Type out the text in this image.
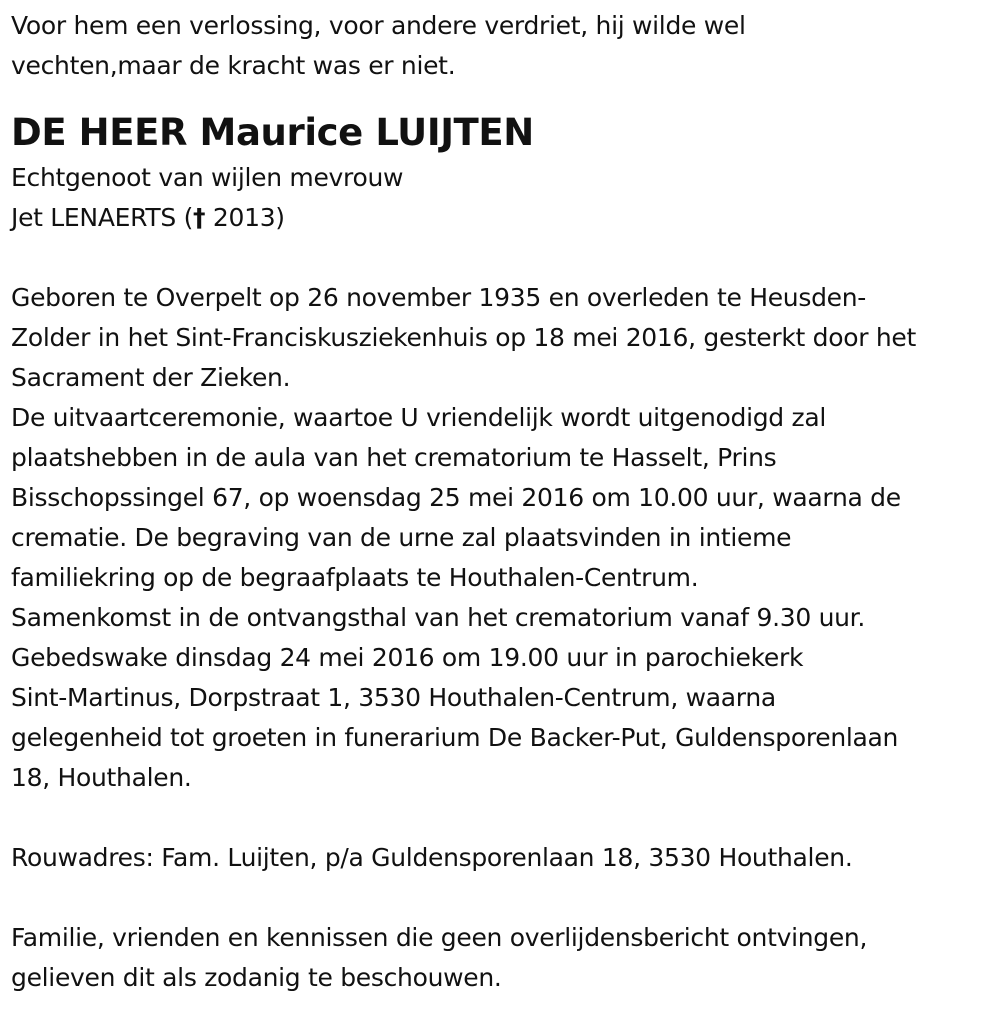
Voor hem een verlossing, voor andere verdriet, hij wilde wel

vechten,maar de kracht was er niet.

DE HEER Maurice LUIJTEN

Echtgenoot van wijlen mevrouw

Jet LENAERTS († 2013)

Geboren te Overpelt op 26 november 1935 en overleden te Heusden-

Zolder in het Sint-Franciskusziekenhuis op 18 mei 2016, gesterkt door het

Sacrament der Zieken.

De uitvaartceremonie, waartoe U vriendelijk wordt uitgenodigd zal

plaatshebben in de aula van het crematorium te Hasselt, Prins

Bisschopssingel 67, op woensdag 25 mei 2016 om 10.00 uur, waarna de

crematie. De begraving van de urne zal plaatsvinden in intieme

familiekring op de begraafplaats te Houthalen-Centrum.

Samenkomst in de ontvangsthal van het crematorium vanaf 9.30 uur.

Gebedswake dinsdag 24 mei 2016 om 19.00 uur in parochiekerk

Sint-Martinus, Dorpstraat 1, 3530 Houthalen-Centrum, waarna

gelegenheid tot groeten in funerarium De Backer-Put, Guldensporenlaan

18, Houthalen.

Rouwadres: Fam. Luijten, p/a Guldensporenlaan 18, 3530 Houthalen.

Familie, vrienden en kennissen die geen overlijdensbericht ontvingen,

gelieven dit als zodanig te beschouwen.
